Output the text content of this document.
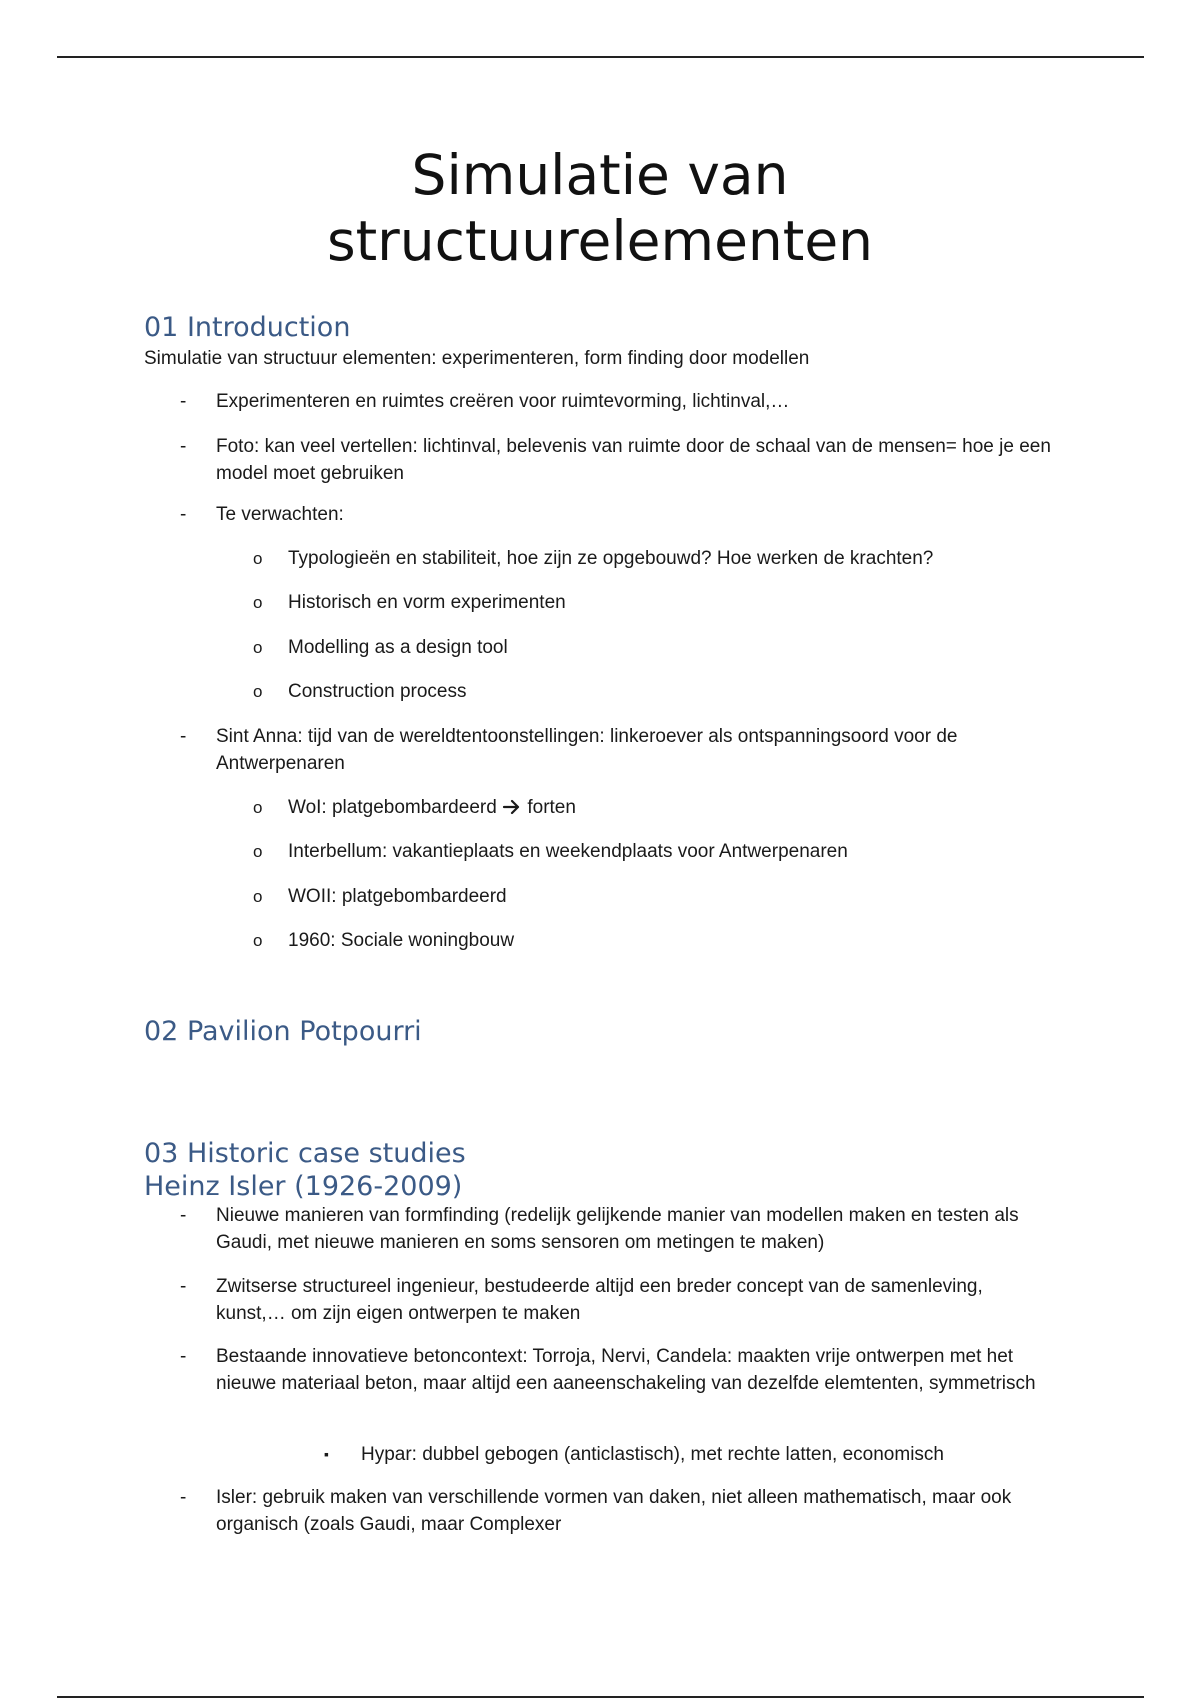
Simulatie van
structuurelementen
01 Introduction

Simulatie van structuur elementen: experimenteren, form finding door modellen

- Experimenteren en ruimtes creëren voor ruimtevorming, lichtinval,…
- Foto: kan veel vertellen: lichtinval, belevenis van ruimte door de schaal van de mensen= hoe je een model moet gebruiken
- Te verwachten:
o Typologieën en stabiliteit, hoe zijn ze opgebouwd? Hoe werken de krachten?
o Historisch en vorm experimenten
o Modelling as a design tool
o Construction process
- Sint Anna: tijd van de wereldtentoonstellingen: linkeroever als ontspanningsoord voor de Antwerpenaren
o WoI: platgebombardeerd forten
o Interbellum: vakantieplaats en weekendplaats voor Antwerpenaren
o WOII: platgebombardeerd
o 1960: Sociale woningbouw
02 Pavilion Potpourri
03 Historic case studies
Heinz Isler (1926-2009)
- Nieuwe manieren van formfinding (redelijk gelijkende manier van modellen maken en testen als Gaudi, met nieuwe manieren en soms sensoren om metingen te maken)
- Zwitserse structureel ingenieur, bestudeerde altijd een breder concept van de samenleving, kunst,… om zijn eigen ontwerpen te maken
- Bestaande innovatieve betoncontext: Torroja, Nervi, Candela: maakten vrije ontwerpen met het nieuwe materiaal beton, maar altijd een aaneenschakeling van dezelfde elemtenten, symmetrisch
▪ Hypar: dubbel gebogen (anticlastisch), met rechte latten, economisch
- Isler: gebruik maken van verschillende vormen van daken, niet alleen mathematisch, maar ook organisch (zoals Gaudi, maar Complexer
